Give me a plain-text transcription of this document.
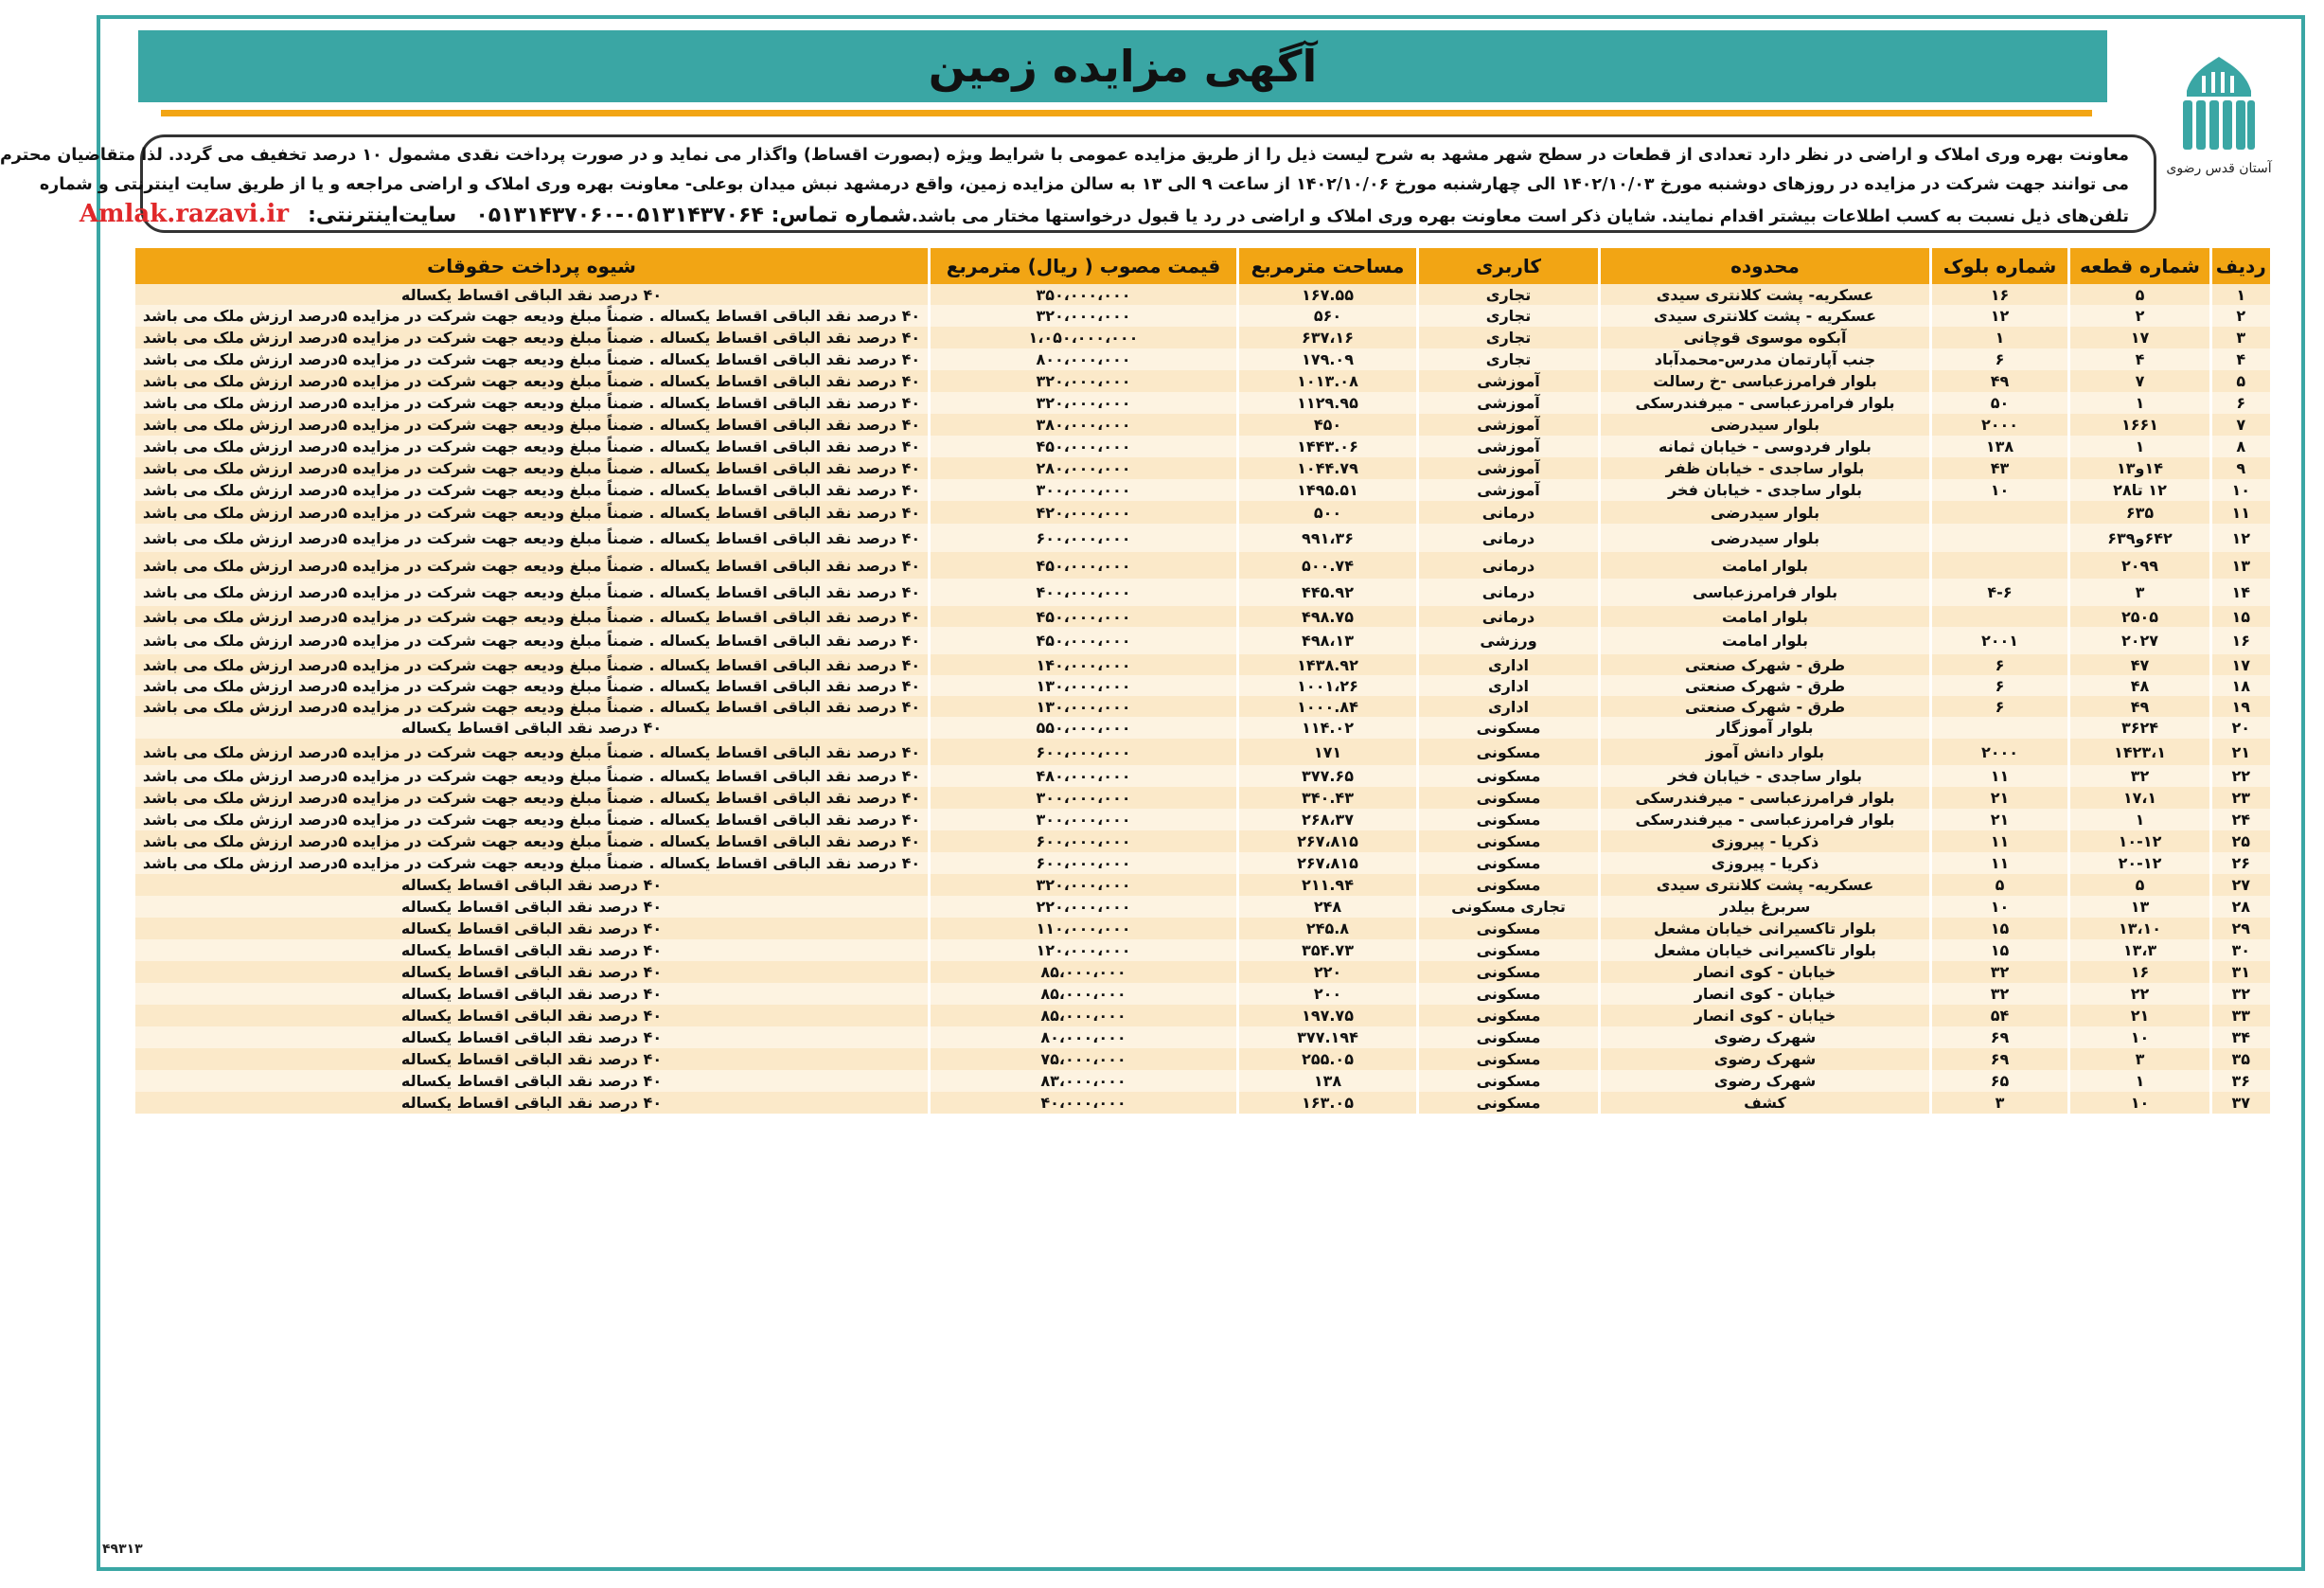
آگهی مزایده زمین
آستان قدس رضوی

معاونت بهره وری املاک و اراضی در نظر دارد تعدادی از قطعات در سطح شهر مشهد به شرح لیست ذیل را از طریق مزایده عمومی با شرایط ویژه (بصورت اقساط) واگذار می نماید و در صورت پرداخت نقدی مشمول ۱۰ درصد تخفیف می گردد. لذا متقاضیان محترم

می توانند جهت شرکت در مزایده در روزهای دوشنبه مورخ ۱۴۰۲/۱۰/۰۳ الی چهارشنبه مورخ ۱۴۰۲/۱۰/۰۶ از ساعت ۹ الی ۱۳ به سالن مزایده زمین، واقع درمشهد نبش میدان بوعلی- معاونت بهره وری املاک و اراضی مراجعه و یا از طریق سایت اینترنتی و شماره

تلفن‌های ذیل نسبت به کسب اطلاعات بیشتر اقدام نمایند. شایان ذکر است معاونت بهره وری املاک و اراضی در رد یا قبول درخواستها مختار می باشد.
شماره تماس: ۰۵۱۳۱۴۳۷۰۶۴-۰۵۱۳۱۴۳۷۰۶۰
سایت‌اینترنتی:
Amlak.razavi.ir

ردیف	شماره قطعه	شماره بلوک	محدوده	کاربری	مساحت مترمربع	قیمت مصوب ( ریال) مترمربع	شیوه پرداخت حقوقات
۱	۵	۱۶	عسکریه- پشت کلانتری سیدی	تجاری	۱۶۷.۵۵	۳۵۰،۰۰۰،۰۰۰	۴۰ درصد نقد الباقی اقساط یکساله
۲	۲	۱۲	عسکریه - پشت کلانتری سیدی	تجاری	۵۶۰	۳۲۰،۰۰۰،۰۰۰	۴۰ درصد نقد الباقی اقساط یکساله . ضمناً مبلغ ودیعه جهت شرکت در مزایده ۵درصد ارزش ملک می باشد
۳	۱۷	۱	آبکوه موسوی قوچانی	تجاری	۶۳۷،۱۶	۱،۰۵۰،۰۰۰،۰۰۰	۴۰ درصد نقد الباقی اقساط یکساله . ضمناً مبلغ ودیعه جهت شرکت در مزایده ۵درصد ارزش ملک می باشد
۴	۴	۶	جنب آپارتمان مدرس-محمدآباد	تجاری	۱۷۹.۰۹	۸۰۰،۰۰۰،۰۰۰	۴۰ درصد نقد الباقی اقساط یکساله . ضمناً مبلغ ودیعه جهت شرکت در مزایده ۵درصد ارزش ملک می باشد
۵	۷	۴۹	بلوار فرامرزعباسی -خ رسالت	آموزشی	۱۰۱۳.۰۸	۳۲۰،۰۰۰،۰۰۰	۴۰ درصد نقد الباقی اقساط یکساله . ضمناً مبلغ ودیعه جهت شرکت در مزایده ۵درصد ارزش ملک می باشد
۶	۱	۵۰	بلوار فرامرزعباسی - میرفندرسکی	آموزشی	۱۱۲۹.۹۵	۳۲۰،۰۰۰،۰۰۰	۴۰ درصد نقد الباقی اقساط یکساله . ضمناً مبلغ ودیعه جهت شرکت در مزایده ۵درصد ارزش ملک می باشد
۷	۱۶۶۱	۲۰۰۰	بلوار سیدرضی	آموزشی	۴۵۰	۳۸۰،۰۰۰،۰۰۰	۴۰ درصد نقد الباقی اقساط یکساله . ضمناً مبلغ ودیعه جهت شرکت در مزایده ۵درصد ارزش ملک می باشد
۸	۱	۱۳۸	بلوار فردوسی - خیابان ثمانه	آموزشی	۱۴۴۳.۰۶	۴۵۰،۰۰۰،۰۰۰	۴۰ درصد نقد الباقی اقساط یکساله . ضمناً مبلغ ودیعه جهت شرکت در مزایده ۵درصد ارزش ملک می باشد
۹	۱۴و۱۳	۴۳	بلوار ساجدی - خیابان ظفر	آموزشی	۱۰۴۴.۷۹	۲۸۰،۰۰۰،۰۰۰	۴۰ درصد نقد الباقی اقساط یکساله . ضمناً مبلغ ودیعه جهت شرکت در مزایده ۵درصد ارزش ملک می باشد
۱۰	۱۲ تا۲۸	۱۰	بلوار ساجدی - خیابان فخر	آموزشی	۱۴۹۵.۵۱	۳۰۰،۰۰۰،۰۰۰	۴۰ درصد نقد الباقی اقساط یکساله . ضمناً مبلغ ودیعه جهت شرکت در مزایده ۵درصد ارزش ملک می باشد
۱۱	۶۳۵		بلوار سیدرضی	درمانی	۵۰۰	۴۲۰،۰۰۰،۰۰۰	۴۰ درصد نقد الباقی اقساط یکساله . ضمناً مبلغ ودیعه جهت شرکت در مزایده ۵درصد ارزش ملک می باشد
۱۲	۶۴۲و۶۳۹		بلوار سیدرضی	درمانی	۹۹۱،۳۶	۶۰۰،۰۰۰،۰۰۰	۴۰ درصد نقد الباقی اقساط یکساله . ضمناً مبلغ ودیعه جهت شرکت در مزایده ۵درصد ارزش ملک می باشد
۱۳	۲۰۹۹		بلوار امامت	درمانی	۵۰۰.۷۴	۴۵۰،۰۰۰،۰۰۰	۴۰ درصد نقد الباقی اقساط یکساله . ضمناً مبلغ ودیعه جهت شرکت در مزایده ۵درصد ارزش ملک می باشد
۱۴	۳	۴-۶	بلوار فرامرزعباسی	درمانی	۴۴۵.۹۲	۴۰۰،۰۰۰،۰۰۰	۴۰ درصد نقد الباقی اقساط یکساله . ضمناً مبلغ ودیعه جهت شرکت در مزایده ۵درصد ارزش ملک می باشد
۱۵	۲۵۰۵		بلوار امامت	درمانی	۴۹۸.۷۵	۴۵۰،۰۰۰،۰۰۰	۴۰ درصد نقد الباقی اقساط یکساله . ضمناً مبلغ ودیعه جهت شرکت در مزایده ۵درصد ارزش ملک می باشد
۱۶	۲۰۲۷	۲۰۰۱	بلوار امامت	ورزشی	۴۹۸،۱۳	۴۵۰،۰۰۰،۰۰۰	۴۰ درصد نقد الباقی اقساط یکساله . ضمناً مبلغ ودیعه جهت شرکت در مزایده ۵درصد ارزش ملک می باشد
۱۷	۴۷	۶	طرق - شهرک صنعتی	اداری	۱۴۳۸.۹۲	۱۴۰،۰۰۰،۰۰۰	۴۰ درصد نقد الباقی اقساط یکساله . ضمناً مبلغ ودیعه جهت شرکت در مزایده ۵درصد ارزش ملک می باشد
۱۸	۴۸	۶	طرق - شهرک صنعتی	اداری	۱۰۰۱،۲۶	۱۳۰،۰۰۰،۰۰۰	۴۰ درصد نقد الباقی اقساط یکساله . ضمناً مبلغ ودیعه جهت شرکت در مزایده ۵درصد ارزش ملک می باشد
۱۹	۴۹	۶	طرق - شهرک صنعتی	اداری	۱۰۰۰.۸۴	۱۳۰،۰۰۰،۰۰۰	۴۰ درصد نقد الباقی اقساط یکساله . ضمناً مبلغ ودیعه جهت شرکت در مزایده ۵درصد ارزش ملک می باشد
۲۰	۳۶۲۴		بلوار آموزگار	مسکونی	۱۱۴.۰۲	۵۵۰،۰۰۰،۰۰۰	۴۰ درصد نقد الباقی اقساط یکساله
۲۱	۱۴۲۳،۱	۲۰۰۰	بلوار دانش آموز	مسکونی	۱۷۱	۶۰۰،۰۰۰،۰۰۰	۴۰ درصد نقد الباقی اقساط یکساله . ضمناً مبلغ ودیعه جهت شرکت در مزایده ۵درصد ارزش ملک می باشد
۲۲	۳۲	۱۱	بلوار ساجدی - خیابان فخر	مسکونی	۳۷۷.۶۵	۴۸۰،۰۰۰،۰۰۰	۴۰ درصد نقد الباقی اقساط یکساله . ضمناً مبلغ ودیعه جهت شرکت در مزایده ۵درصد ارزش ملک می باشد
۲۳	۱۷،۱	۲۱	بلوار فرامرزعباسی - میرفندرسکی	مسکونی	۳۴۰.۴۳	۳۰۰،۰۰۰،۰۰۰	۴۰ درصد نقد الباقی اقساط یکساله . ضمناً مبلغ ودیعه جهت شرکت در مزایده ۵درصد ارزش ملک می باشد
۲۴	۱	۲۱	بلوار فرامرزعباسی - میرفندرسکی	مسکونی	۲۶۸،۳۷	۳۰۰،۰۰۰،۰۰۰	۴۰ درصد نقد الباقی اقساط یکساله . ضمناً مبلغ ودیعه جهت شرکت در مزایده ۵درصد ارزش ملک می باشد
۲۵	۱۰-۱۲	۱۱	ذکریا - پیروزی	مسکونی	۲۶۷،۸۱۵	۶۰۰،۰۰۰،۰۰۰	۴۰ درصد نقد الباقی اقساط یکساله . ضمناً مبلغ ودیعه جهت شرکت در مزایده ۵درصد ارزش ملک می باشد
۲۶	۲۰-۱۲	۱۱	ذکریا - پیروزی	مسکونی	۲۶۷،۸۱۵	۶۰۰،۰۰۰،۰۰۰	۴۰ درصد نقد الباقی اقساط یکساله . ضمناً مبلغ ودیعه جهت شرکت در مزایده ۵درصد ارزش ملک می باشد
۲۷	۵	۵	عسکریه- پشت کلانتری سیدی	مسکونی	۲۱۱.۹۴	۳۲۰،۰۰۰،۰۰۰	۴۰ درصد نقد الباقی اقساط یکساله
۲۸	۱۳	۱۰	سربرغ بیلدر	تجاری مسکونی	۲۴۸	۲۲۰،۰۰۰،۰۰۰	۴۰ درصد نقد الباقی اقساط یکساله
۲۹	۱۳،۱۰	۱۵	بلوار تاکسیرانی خیابان مشعل	مسکونی	۲۴۵.۸	۱۱۰،۰۰۰،۰۰۰	۴۰ درصد نقد الباقی اقساط یکساله
۳۰	۱۳،۳	۱۵	بلوار تاکسیرانی خیابان مشعل	مسکونی	۳۵۴.۷۳	۱۲۰،۰۰۰،۰۰۰	۴۰ درصد نقد الباقی اقساط یکساله
۳۱	۱۶	۳۲	خیابان - کوی انصار	مسکونی	۲۲۰	۸۵،۰۰۰،۰۰۰	۴۰ درصد نقد الباقی اقساط یکساله
۳۲	۲۲	۳۲	خیابان - کوی انصار	مسکونی	۲۰۰	۸۵،۰۰۰،۰۰۰	۴۰ درصد نقد الباقی اقساط یکساله
۳۳	۲۱	۵۴	خیابان - کوی انصار	مسکونی	۱۹۷.۷۵	۸۵،۰۰۰،۰۰۰	۴۰ درصد نقد الباقی اقساط یکساله
۳۴	۱۰	۶۹	شهرک رضوی	مسکونی	۳۷۷.۱۹۴	۸۰،۰۰۰،۰۰۰	۴۰ درصد نقد الباقی اقساط یکساله
۳۵	۳	۶۹	شهرک رضوی	مسکونی	۲۵۵.۰۵	۷۵،۰۰۰،۰۰۰	۴۰ درصد نقد الباقی اقساط یکساله
۳۶	۱	۶۵	شهرک رضوی	مسکونی	۱۳۸	۸۳،۰۰۰،۰۰۰	۴۰ درصد نقد الباقی اقساط یکساله
۳۷	۱۰	۳	کشف	مسکونی	۱۶۳.۰۵	۴۰،۰۰۰،۰۰۰	۴۰ درصد نقد الباقی اقساط یکساله
۴۹۳۱۳
